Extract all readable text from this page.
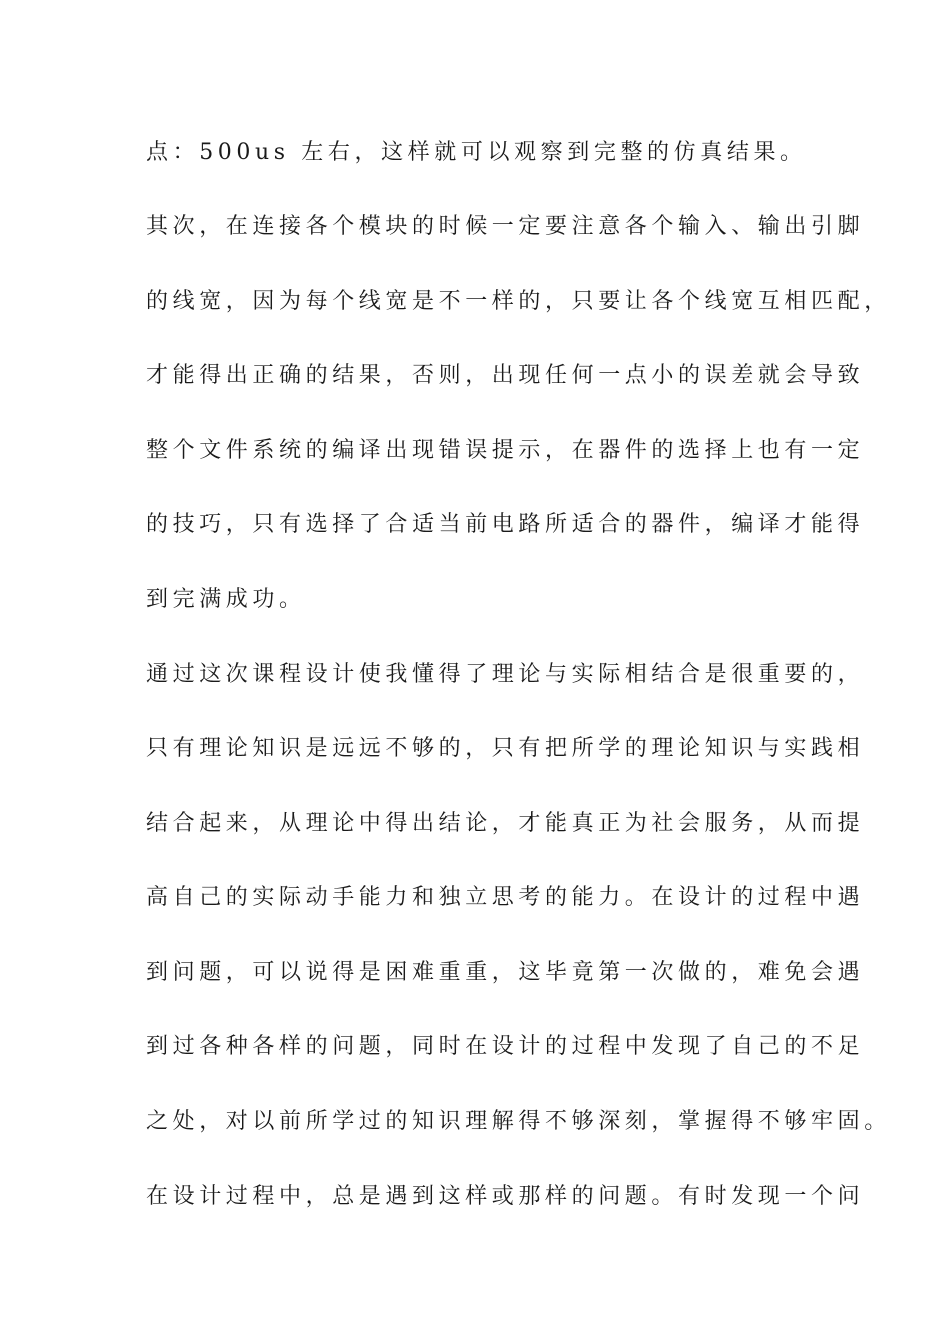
点：500us 左右，这样就可以观察到完整的仿真结果。
其次，在连接各个模块的时候一定要注意各个输入、输出引脚
的线宽，因为每个线宽是不一样的，只要让各个线宽互相匹配，
才能得出正确的结果，否则，出现任何一点小的误差就会导致
整个文件系统的编译出现错误提示，在器件的选择上也有一定
的技巧，只有选择了合适当前电路所适合的器件，编译才能得
到完满成功。
通过这次课程设计使我懂得了理论与实际相结合是很重要的，
只有理论知识是远远不够的，只有把所学的理论知识与实践相
结合起来，从理论中得出结论，才能真正为社会服务，从而提
高自己的实际动手能力和独立思考的能力。在设计的过程中遇
到问题，可以说得是困难重重，这毕竟第一次做的，难免会遇
到过各种各样的问题，同时在设计的过程中发现了自己的不足
之处，对以前所学过的知识理解得不够深刻，掌握得不够牢固。
在设计过程中，总是遇到这样或那样的问题。有时发现一个问
